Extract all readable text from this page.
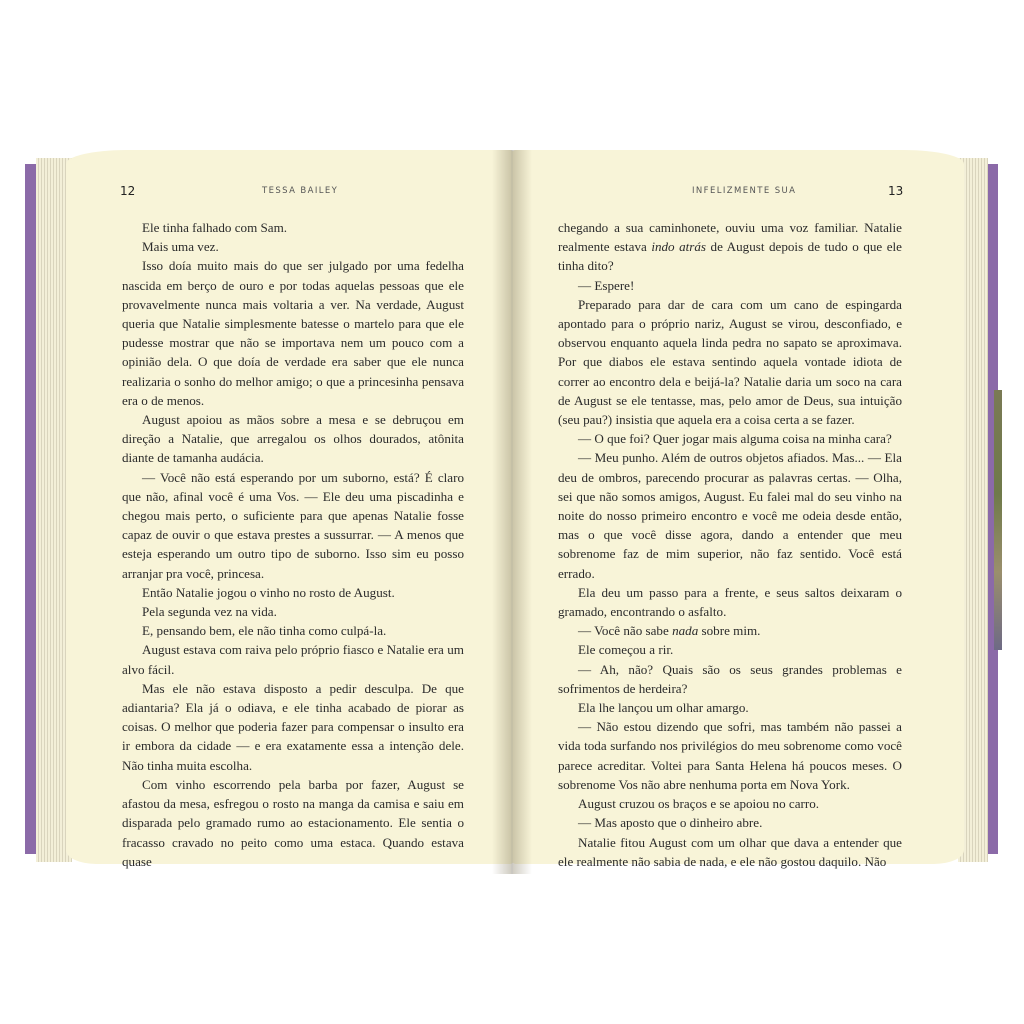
12	TESSA BAILEY	INFELIZMENTE SUA	13

Ele tinha falhado com Sam.

Mais uma vez.

Isso doía muito mais do que ser julgado por uma fedelha nascida em berço de ouro e por todas aquelas pessoas que ele provavelmente nunca mais voltaria a ver. Na verdade, August queria que Natalie simplesmente batesse o martelo para que ele pudesse mostrar que não se importava nem um pouco com a opinião dela. O que doía de verdade era saber que ele nunca realizaria o sonho do melhor amigo; o que a princesinha pensava era o de menos.

August apoiou as mãos sobre a mesa e se debruçou em direção a Natalie, que arregalou os olhos dourados, atônita diante de tamanha audácia.

— Você não está esperando por um suborno, está? É claro que não, afinal você é uma Vos. — Ele deu uma piscadinha e chegou mais perto, o suficiente para que apenas Natalie fosse capaz de ouvir o que estava prestes a sussurrar. — A menos que esteja esperando um outro tipo de suborno. Isso sim eu posso arranjar pra você, princesa.

Então Natalie jogou o vinho no rosto de August.

Pela segunda vez na vida.

E, pensando bem, ele não tinha como culpá-la.

August estava com raiva pelo próprio fiasco e Natalie era um alvo fácil.

Mas ele não estava disposto a pedir desculpa. De que adiantaria? Ela já o odiava, e ele tinha acabado de piorar as coisas. O melhor que poderia fazer para compensar o insulto era ir embora da cidade — e era exatamente essa a intenção dele. Não tinha muita escolha.

Com vinho escorrendo pela barba por fazer, August se afastou da mesa, esfregou o rosto na manga da camisa e saiu em disparada pelo gramado rumo ao estacionamento. Ele sentia o fracasso cravado no peito como uma estaca. Quando estava quase

chegando a sua caminhonete, ouviu uma voz familiar. Natalie realmente estava indo atrás de August depois de tudo o que ele tinha dito?

— Espere!

Preparado para dar de cara com um cano de espingarda apontado para o próprio nariz, August se virou, desconfiado, e observou enquanto aquela linda pedra no sapato se aproximava. Por que diabos ele estava sentindo aquela vontade idiota de correr ao encontro dela e beijá-la? Natalie daria um soco na cara de August se ele tentasse, mas, pelo amor de Deus, sua intuição (seu pau?) insistia que aquela era a coisa certa a se fazer.

— O que foi? Quer jogar mais alguma coisa na minha cara?

— Meu punho. Além de outros objetos afiados. Mas... — Ela deu de ombros, parecendo procurar as palavras certas. — Olha, sei que não somos amigos, August. Eu falei mal do seu vinho na noite do nosso primeiro encontro e você me odeia desde então, mas o que você disse agora, dando a entender que meu sobrenome faz de mim superior, não faz sentido. Você está errado.

Ela deu um passo para a frente, e seus saltos deixaram o gramado, encontrando o asfalto.

— Você não sabe nada sobre mim.

Ele começou a rir.

— Ah, não? Quais são os seus grandes problemas e sofrimentos de herdeira?

Ela lhe lançou um olhar amargo.

— Não estou dizendo que sofri, mas também não passei a vida toda surfando nos privilégios do meu sobrenome como você parece acreditar. Voltei para Santa Helena há poucos meses. O sobrenome Vos não abre nenhuma porta em Nova York.

August cruzou os braços e se apoiou no carro.

— Mas aposto que o dinheiro abre.

Natalie fitou August com um olhar que dava a entender que ele realmente não sabia de nada, e ele não gostou daquilo. Não
